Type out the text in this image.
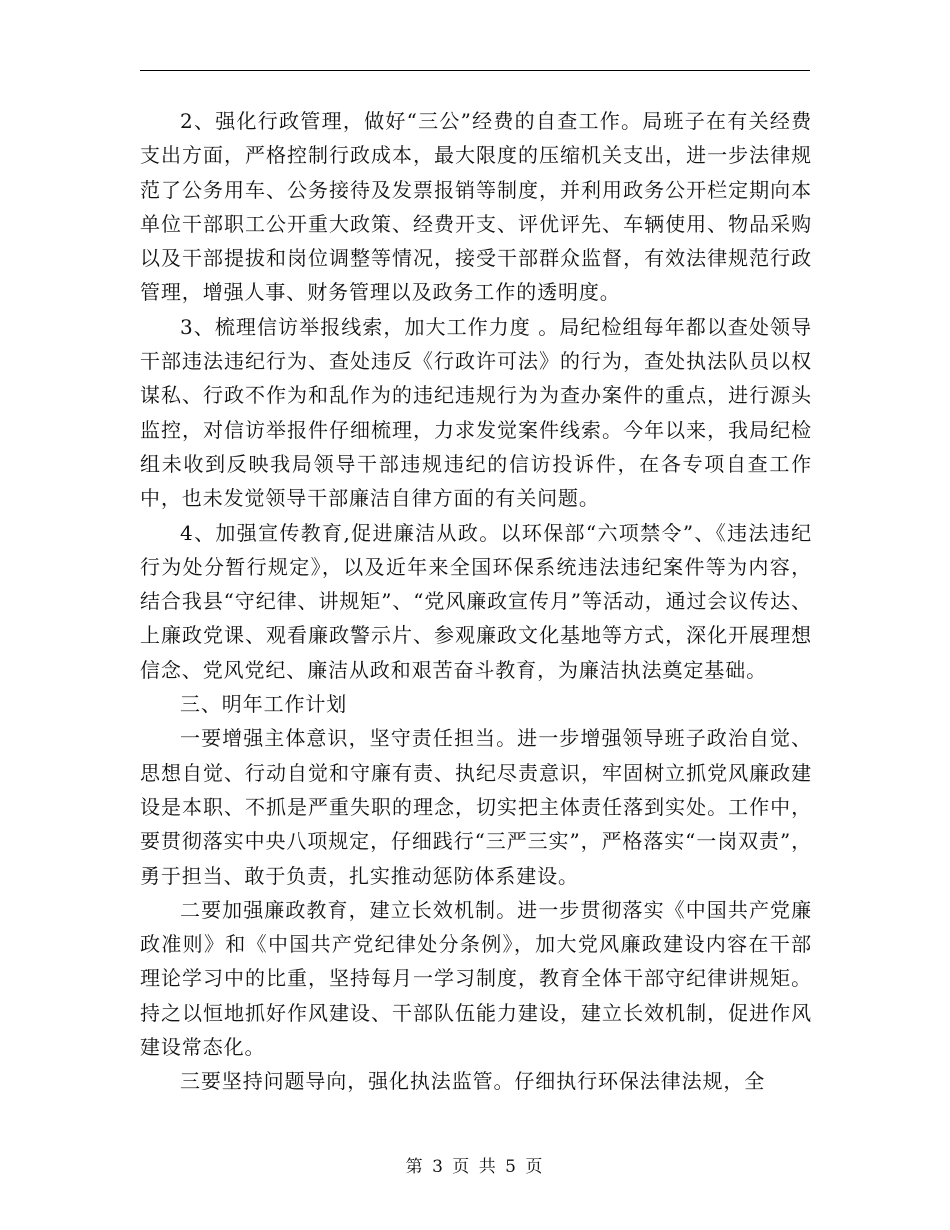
2、强化行政管理，做好“三公”经费的自查工作。局班子在有关经费支出方面，严格控制行政成本，最大限度的压缩机关支出，进一步法律规范了公务用车、公务接待及发票报销等制度，并利用政务公开栏定期向本单位干部职工公开重大政策、经费开支、评优评先、车辆使用、物品采购以及干部提拔和岗位调整等情况，接受干部群众监督，有效法律规范行政管理，增强人事、财务管理以及政务工作的透明度。

3、梳理信访举报线索，加大工作力度 。局纪检组每年都以查处领导干部违法违纪行为、查处违反《行政许可法》的行为，查处执法队员以权谋私、行政不作为和乱作为的违纪违规行为为查办案件的重点，进行源头监控，对信访举报件仔细梳理，力求发觉案件线索。今年以来，我局纪检组未收到反映我局领导干部违规违纪的信访投诉件，在各专项自查工作中，也未发觉领导干部廉洁自律方面的有关问题。

4、加强宣传教育,促进廉洁从政。以环保部“六项禁令”、《违法违纪行为处分暂行规定》，以及近年来全国环保系统违法违纪案件等为内容，结合我县“守纪律、讲规矩”、“党风廉政宣传月”等活动，通过会议传达、上廉政党课、观看廉政警示片、参观廉政文化基地等方式，深化开展理想信念、党风党纪、廉洁从政和艰苦奋斗教育，为廉洁执法奠定基础。

三、明年工作计划

一要增强主体意识，坚守责任担当。进一步增强领导班子政治自觉、思想自觉、行动自觉和守廉有责、执纪尽责意识，牢固树立抓党风廉政建设是本职、不抓是严重失职的理念，切实把主体责任落到实处。工作中，要贯彻落实中央八项规定，仔细践行“三严三实”，严格落实“一岗双责”，勇于担当、敢于负责，扎实推动惩防体系建设。

二要加强廉政教育，建立长效机制。进一步贯彻落实《中国共产党廉政准则》和《中国共产党纪律处分条例》，加大党风廉政建设内容在干部理论学习中的比重，坚持每月一学习制度，教育全体干部守纪律讲规矩。持之以恒地抓好作风建设、干部队伍能力建设，建立长效机制，促进作风建设常态化。

三要坚持问题导向，强化执法监管。仔细执行环保法律法规，全

第 3 页 共 5 页
